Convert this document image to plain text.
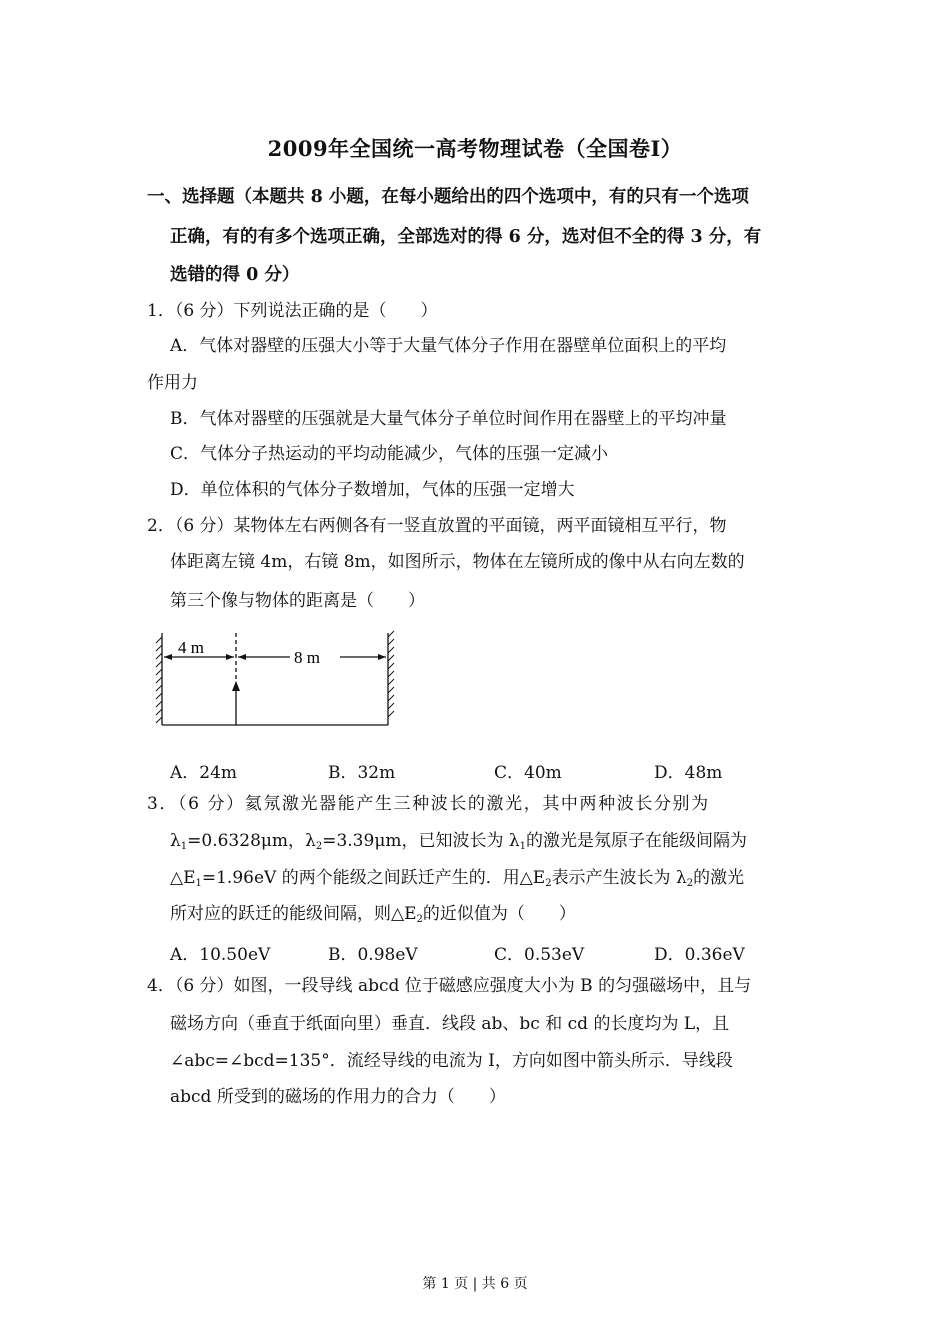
2009年全国统一高考物理试卷（全国卷Ⅰ）
一、选择题（本题共 8 小题，在每小题给出的四个选项中，有的只有一个选项
正确，有的有多个选项正确，全部选对的得 6 分，选对但不全的得 3 分，有
选错的得 0 分）
1．（6 分）下列说法正确的是（　　）
A．气体对器壁的压强大小等于大量气体分子作用在器壁单位面积上的平均
作用力
B．气体对器壁的压强就是大量气体分子单位时间作用在器壁上的平均冲量
C．气体分子热运动的平均动能减少，气体的压强一定减小
D．单位体积的气体分子数增加，气体的压强一定增大
2．（6 分）某物体左右两侧各有一竖直放置的平面镜，两平面镜相互平行，物
体距离左镜 4m，右镜 8m，如图所示，物体在左镜所成的像中从右向左数的
第三个像与物体的距离是（　　）
4 m
8 m
A．24m	B．32m	C．40m	D．48m
3．（6 分）氦氖激光器能产生三种波长的激光，其中两种波长分别为
$\lambda_1=0.6328\mu m$，$\lambda_2=3.39\mu m$，已知波长为 $\lambda_1$的激光是氖原子在能级间隔为
$\triangle E_1=1.96eV$ 的两个能级之间跃迁产生的．用$\triangle E_2$表示产生波长为 $\lambda_2$的激光
所对应的跃迁的能级间隔，则$\triangle E_2$的近似值为（　　）
A．10.50eV	B．0.98eV	C．0.53eV	D．0.36eV
4．（6 分）如图，一段导线 abcd 位于磁感应强度大小为 B 的匀强磁场中，且与
磁场方向（垂直于纸面向里）垂直．线段 ab、bc 和 cd 的长度均为 L，且
∠abc=∠bcd=135°．流经导线的电流为 I，方向如图中箭头所示．导线段
abcd 所受到的磁场的作用力的合力（　　）
第 1 页 | 共 6 页
